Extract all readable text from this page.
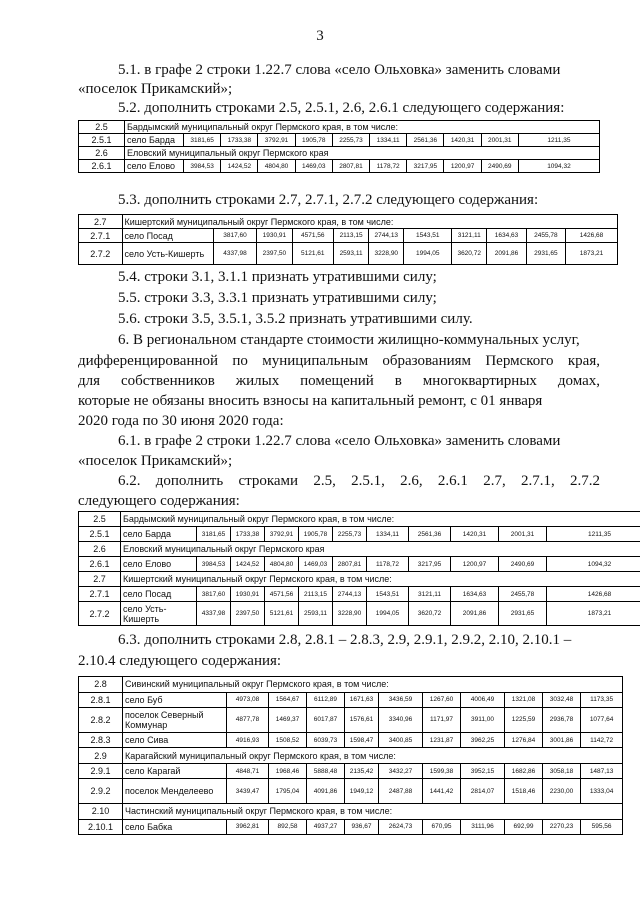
3
5.1. в графе 2 строки 1.22.7 слова «село Ольховка» заменить словами
«поселок Прикамский»;
5.2. дополнить строками 2.5, 2.5.1, 2.6, 2.6.1 следующего содержания:
2.5	Бардымский муниципальный округ Пермского края, в том числе:										
2.5.1	село Барда	3181,65	1733,38	3792,91	1905,78	2255,73	1334,11	2561,36	1420,31	2001,31	1211,35
2.6	Еловский муниципальный округ Пермского края										
2.6.1	село Елово	3984,53	1424,52	4804,80	1469,03	2807,81	1178,72	3217,95	1200,97	2490,69	1094,32
5.3. дополнить строками 2.7, 2.7.1, 2.7.2 следующего содержания:
2.7	Кишертский муниципальный округ Пермского края, в том числе:										
2.7.1	село Посад	3817,60	1930,91	4571,56	2113,15	2744,13	1543,51	3121,11	1634,63	2455,78	1426,68
2.7.2	село Усть-Кишерть	4337,98	2397,50	5121,61	2593,11	3228,90	1994,05	3620,72	2091,86	2931,65	1873,21
5.4. строки 3.1, 3.1.1 признать утратившими силу;
5.5. строки 3.3, 3.3.1 признать утратившими силу;
5.6. строки 3.5, 3.5.1, 3.5.2 признать утратившими силу.
6. В региональном стандарте стоимости жилищно-коммунальных услуг,
дифференцированной по муниципальным образованиям Пермского края,
для собственников жилых помещений в многоквартирных домах,
которые не обязаны вносить взносы на капитальный ремонт, с 01 января
2020 года по 30 июня 2020 года:
6.1. в графе 2 строки 1.22.7 слова «село Ольховка» заменить словами
«поселок Прикамский»;
6.2. дополнить строками 2.5, 2.5.1, 2.6, 2.6.1 2.7, 2.7.1, 2.7.2
следующего содержания:
2.5	Бардымский муниципальный округ Пермского края, в том числе:										
2.5.1	село Барда	3181,65	1733,38	3792,91	1905,78	2255,73	1334,11	2561,36	1420,31	2001,31	1211,35
2.6	Еловский муниципальный округ Пермского края										
2.6.1	село Елово	3984,53	1424,52	4804,80	1469,03	2807,81	1178,72	3217,95	1200,97	2490,69	1094,32
2.7	Кишертский муниципальный округ Пермского края, в том числе:										
2.7.1	село Посад	3817,60	1930,91	4571,56	2113,15	2744,13	1543,51	3121,11	1634,63	2455,78	1426,68
2.7.2	село Усть-Кишерть	4337,98	2397,50	5121,61	2593,11	3228,90	1994,05	3620,72	2091,86	2931,65	1873,21
6.3. дополнить строками 2.8, 2.8.1 – 2.8.3, 2.9, 2.9.1, 2.9.2, 2.10, 2.10.1 –
2.10.4 следующего содержания:
2.8	Сивинский муниципальный округ Пермского края, в том числе:										
2.8.1	село Буб	4973,08	1564,67	6112,89	1671,63	3436,59	1267,60	4006,49	1321,08	3032,48	1173,35
2.8.2	поселок Северный Коммунар	4877,78	1469,37	6017,87	1576,61	3340,96	1171,97	3911,00	1225,59	2936,78	1077,64
2.8.3	село Сива	4916,93	1508,52	6039,73	1598,47	3400,85	1231,87	3962,25	1276,84	3001,86	1142,72
2.9	Карагайский муниципальный округ Пермского края, в том числе:										
2.9.1	село Карагай	4848,71	1968,46	5888,48	2135,42	3432,27	1599,38	3952,15	1682,86	3058,18	1487,13
2.9.2	поселок Менделеево	3439,47	1795,04	4091,86	1949,12	2487,88	1441,42	2814,07	1518,46	2230,00	1333,04
2.10	Частинский муниципальный округ Пермского края, в том числе:										
2.10.1	село Бабка	3962,81	892,58	4937,27	936,67	2624,73	670,95	3111,96	692,99	2270,23	595,56
